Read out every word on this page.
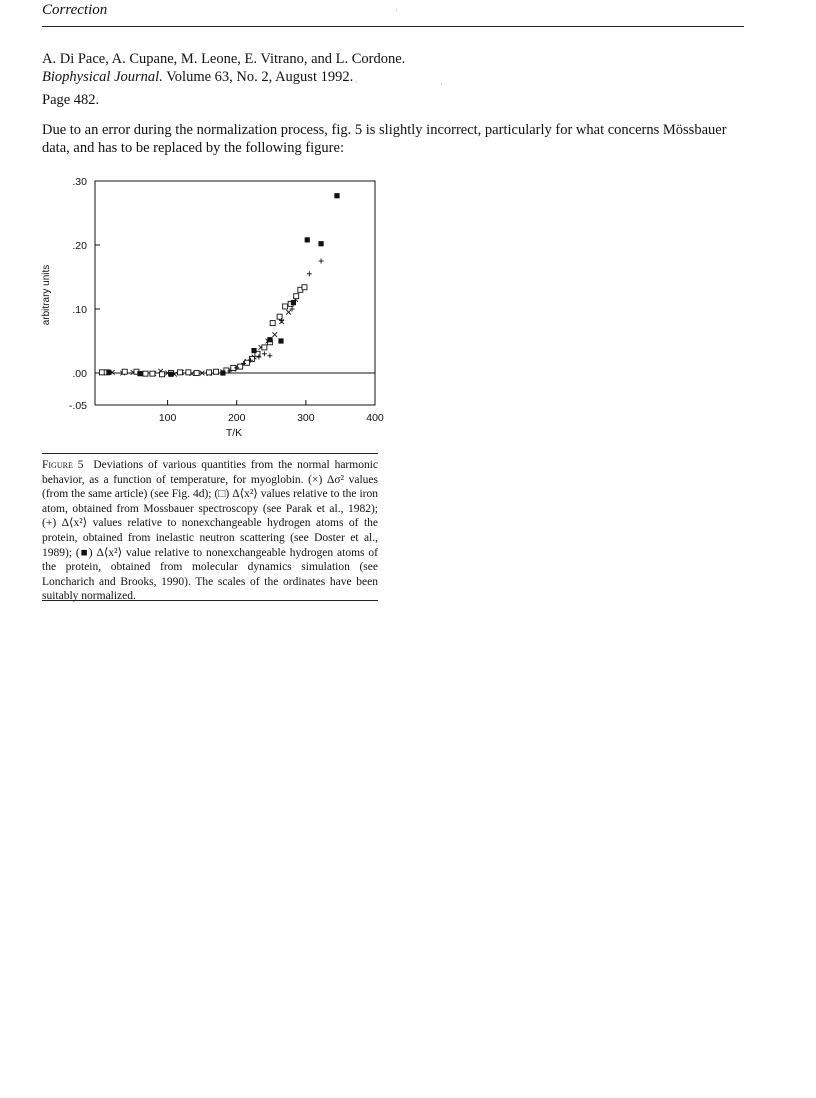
Correction
A. Di Pace, A. Cupane, M. Leone, E. Vitrano, and L. Cordone.
Biophysical Journal. Volume 63, No. 2, August 1992.
Page 482.
Due to an error during the normalization process, fig. 5 is slightly incorrect, particularly for what concerns Mössbauer data, and has to be replaced by the following figure:
.30
.20
.10
.00
-.05
100	200	300	400
arbitrary units
T/K
Figure 5 Deviations of various quantities from the normal harmonic behavior, as a function of temperature, for myoglobin. (×) Δσ² values (from the same article) (see Fig. 4d); (□) Δ⟨x²⟩ values relative to the iron atom, obtained from Mossbauer spectroscopy (see Parak et al., 1982); (+) Δ⟨x²⟩ values relative to nonexchangeable hydrogen atoms of the protein, obtained from inelastic neutron scattering (see Doster et al., 1989); (■) Δ⟨x²⟩ value relative to nonexchangeable hydrogen atoms of the protein, obtained from molecular dynamics simulation (see Loncharich and Brooks, 1990). The scales of the ordinates have been suitably normalized.
·
·	·
